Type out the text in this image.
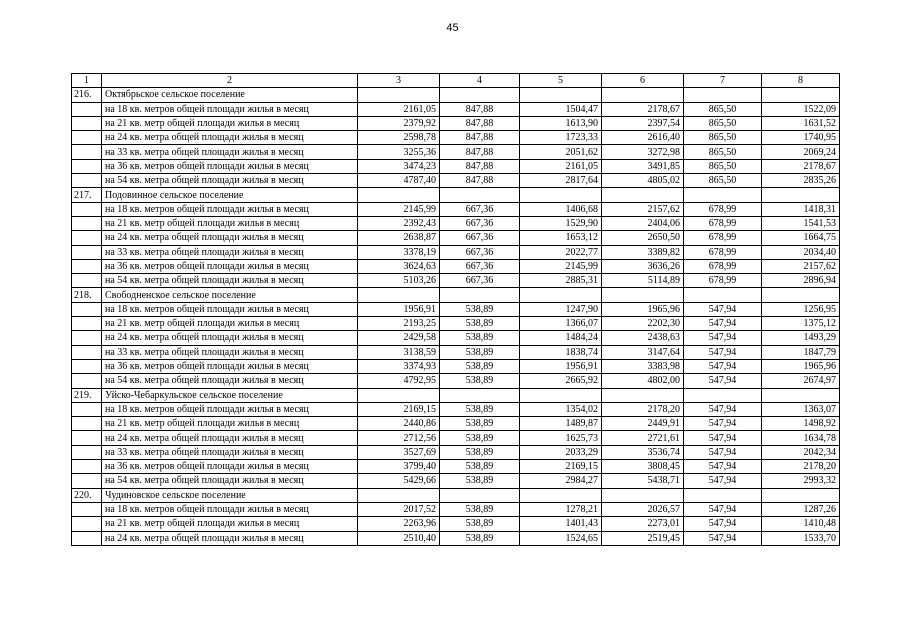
45
1	2	3	4	5	6	7	8
216.	Октябрьское сельское поселение						
	на 18 кв. метров общей площади жилья в месяц	2161,05	847,88	1504,47	2178,67	865,50	1522,09
	на 21 кв. метр общей площади жилья в месяц	2379,92	847,88	1613,90	2397,54	865,50	1631,52
	на 24 кв. метра общей площади жилья в месяц	2598,78	847,88	1723,33	2616,40	865,50	1740,95
	на 33 кв. метра общей площади жилья в месяц	3255,36	847,88	2051,62	3272,98	865,50	2069,24
	на 36 кв. метров общей площади жилья в месяц	3474,23	847,88	2161,05	3491,85	865,50	2178,67
	на 54 кв. метра общей площади жилья в месяц	4787,40	847,88	2817,64	4805,02	865,50	2835,26
217.	Подовинное сельское поселение						
	на 18 кв. метров общей площади жилья в месяц	2145,99	667,36	1406,68	2157,62	678,99	1418,31
	на 21 кв. метр общей площади жилья в месяц	2392,43	667,36	1529,90	2404,06	678,99	1541,53
	на 24 кв. метра общей площади жилья в месяц	2638,87	667,36	1653,12	2650,50	678,99	1664,75
	на 33 кв. метра общей площади жилья в месяц	3378,19	667,36	2022,77	3389,82	678,99	2034,40
	на 36 кв. метров общей площади жилья в месяц	3624,63	667,36	2145,99	3636,26	678,99	2157,62
	на 54 кв. метра общей площади жилья в месяц	5103,26	667,36	2885,31	5114,89	678,99	2896,94
218.	Свободненское сельское поселение						
	на 18 кв. метров общей площади жилья в месяц	1956,91	538,89	1247,90	1965,96	547,94	1256,95
	на 21 кв. метр общей площади жилья в месяц	2193,25	538,89	1366,07	2202,30	547,94	1375,12
	на 24 кв. метра общей площади жилья в месяц	2429,58	538,89	1484,24	2438,63	547,94	1493,29
	на 33 кв. метра общей площади жилья в месяц	3138,59	538,89	1838,74	3147,64	547,94	1847,79
	на 36 кв. метров общей площади жилья в месяц	3374,93	538,89	1956,91	3383,98	547,94	1965,96
	на 54 кв. метра общей площади жилья в месяц	4792,95	538,89	2665,92	4802,00	547,94	2674,97
219.	Уйско-Чебаркульское сельское поселение						
	на 18 кв. метров общей площади жилья в месяц	2169,15	538,89	1354,02	2178,20	547,94	1363,07
	на 21 кв. метр общей площади жилья в месяц	2440,86	538,89	1489,87	2449,91	547,94	1498,92
	на 24 кв. метра общей площади жилья в месяц	2712,56	538,89	1625,73	2721,61	547,94	1634,78
	на 33 кв. метра общей площади жилья в месяц	3527,69	538,89	2033,29	3536,74	547,94	2042,34
	на 36 кв. метров общей площади жилья в месяц	3799,40	538,89	2169,15	3808,45	547,94	2178,20
	на 54 кв. метра общей площади жилья в месяц	5429,66	538,89	2984,27	5438,71	547,94	2993,32
220.	Чудиновское сельское поселение						
	на 18 кв. метров общей площади жилья в месяц	2017,52	538,89	1278,21	2026,57	547,94	1287,26
	на 21 кв. метр общей площади жилья в месяц	2263,96	538,89	1401,43	2273,01	547,94	1410,48
	на 24 кв. метра общей площади жилья в месяц	2510,40	538,89	1524,65	2519,45	547,94	1533,70
